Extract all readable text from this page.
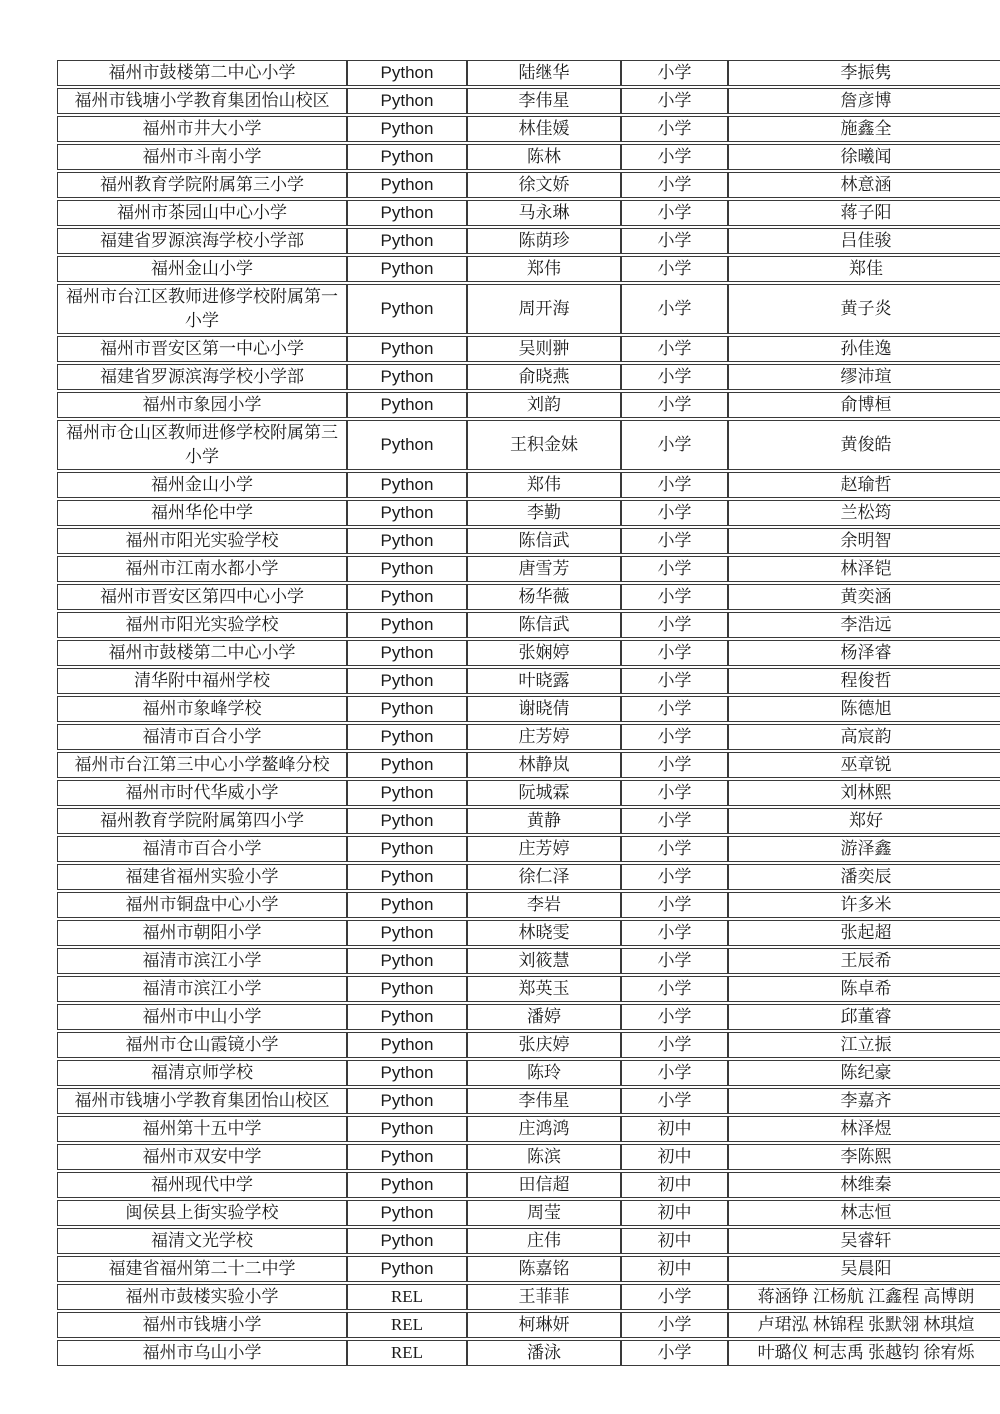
福州市鼓楼第二中心小学	Python	陆继华	小学	李振隽
福州市钱塘小学教育集团怡山校区	Python	李伟星	小学	詹彦博
福州市井大小学	Python	林佳媛	小学	施鑫全
福州市斗南小学	Python	陈林	小学	徐曦闻
福州教育学院附属第三小学	Python	徐文娇	小学	林意涵
福州市茶园山中心小学	Python	马永琳	小学	蒋子阳
福建省罗源滨海学校小学部	Python	陈荫珍	小学	吕佳骏
福州金山小学	Python	郑伟	小学	郑佳
福州市台江区教师进修学校附属第一小学	Python	周开海	小学	黄子炎
福州市晋安区第一中心小学	Python	吴则翀	小学	孙佳逸
福建省罗源滨海学校小学部	Python	俞晓燕	小学	缪沛瑄
福州市象园小学	Python	刘韵	小学	俞博桓
福州市仓山区教师进修学校附属第三小学	Python	王积金妹	小学	黄俊皓
福州金山小学	Python	郑伟	小学	赵瑜哲
福州华伦中学	Python	李勤	小学	兰松筠
福州市阳光实验学校	Python	陈信武	小学	余明智
福州市江南水都小学	Python	唐雪芳	小学	林泽铠
福州市晋安区第四中心小学	Python	杨华薇	小学	黄奕涵
福州市阳光实验学校	Python	陈信武	小学	李浩远
福州市鼓楼第二中心小学	Python	张娴婷	小学	杨泽睿
清华附中福州学校	Python	叶晓露	小学	程俊哲
福州市象峰学校	Python	谢晓倩	小学	陈德旭
福清市百合小学	Python	庄芳婷	小学	高宸韵
福州市台江第三中心小学鳌峰分校	Python	林静岚	小学	巫章锐
福州市时代华威小学	Python	阮城霖	小学	刘林熙
福州教育学院附属第四小学	Python	黄静	小学	郑好
福清市百合小学	Python	庄芳婷	小学	游泽鑫
福建省福州实验小学	Python	徐仁泽	小学	潘奕辰
福州市铜盘中心小学	Python	李岩	小学	许多米
福州市朝阳小学	Python	林晓雯	小学	张起超
福清市滨江小学	Python	刘筱慧	小学	王辰希
福清市滨江小学	Python	郑英玉	小学	陈卓希
福州市中山小学	Python	潘婷	小学	邱董睿
福州市仓山霞镜小学	Python	张庆婷	小学	江立振
福清京师学校	Python	陈玲	小学	陈纪豪
福州市钱塘小学教育集团怡山校区	Python	李伟星	小学	李嘉齐
福州第十五中学	Python	庄鸿鸿	初中	林泽煜
福州市双安中学	Python	陈滨	初中	李陈熙
福州现代中学	Python	田信超	初中	林维秦
闽侯县上街实验学校	Python	周莹	初中	林志恒
福清文光学校	Python	庄伟	初中	吴睿轩
福建省福州第二十二中学	Python	陈嘉铭	初中	吴晨阳
福州市鼓楼实验小学	REL	王菲菲	小学	蒋涵铮 江杨航 江鑫程 高博朗
福州市钱塘小学	REL	柯琳妍	小学	卢珺泓 林锦程 张默翎 林琪煊
福州市乌山小学	REL	潘泳	小学	叶璐仪 柯志禹 张越钧 徐宥烁
